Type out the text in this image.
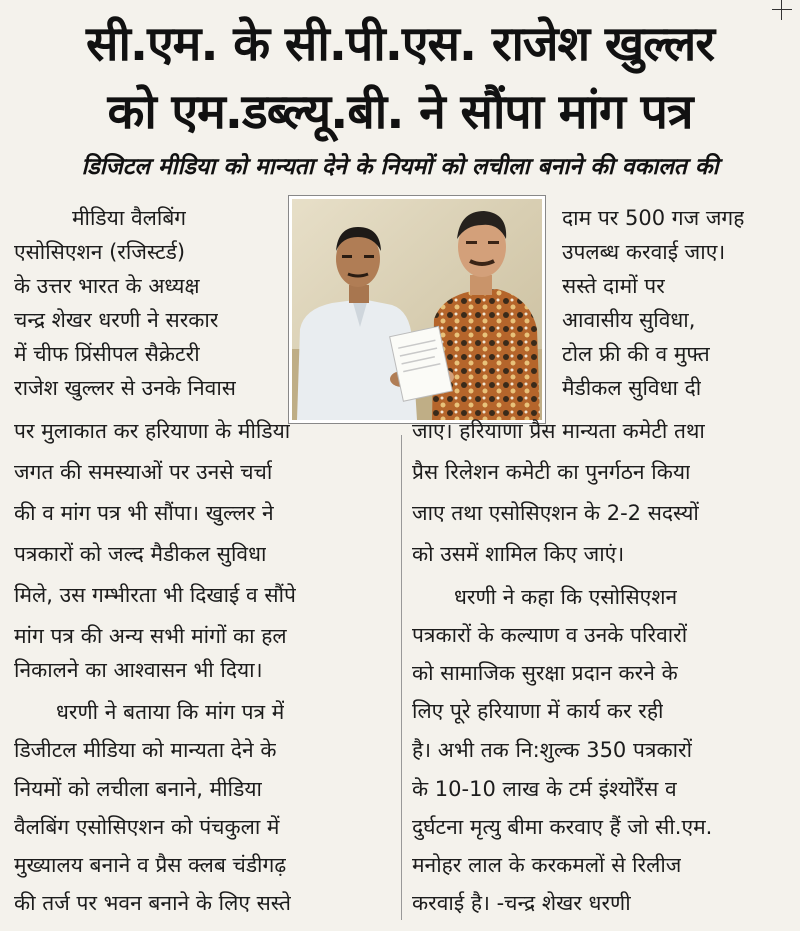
सी.एम. के सी.पी.एस. राजेश खुल्लर
को एम.डब्ल्यू.बी. ने सौंपा मांग पत्र
डिजिटल मीडिया को मान्यता देने के नियमों को लचीला बनाने की वकालत की
मीडिया वैलबिंग
एसोसिएशन (रजिस्टर्ड)
के उत्तर भारत के अध्यक्ष
चन्द्र शेखर धरणी ने सरकार
में चीफ प्रिंसीपल सैक्रेटरी
राजेश खुल्लर से उनके निवास
पर मुलाकात कर हरियाणा के मीडिया
जगत की समस्याओं पर उनसे चर्चा
की व मांग पत्र भी सौंपा। खुल्लर ने
पत्रकारों को जल्द मैडीकल सुविधा
मिले, उस गम्भीरता भी दिखाई व सौंपे
मांग पत्र की अन्य सभी मांगों का हल
निकालने का आश्वासन भी दिया।
धरणी ने बताया कि मांग पत्र में
डिजीटल मीडिया को मान्यता देने के
नियमों को लचीला बनाने, मीडिया
वैलबिंग एसोसिएशन को पंचकुला में
मुख्यालय बनाने व प्रैस क्लब चंडीगढ़
की तर्ज पर भवन बनाने के लिए सस्ते
दाम पर 500 गज जगह
उपलब्ध करवाई जाए।
सस्ते दामों पर
आवासीय सुविधा,
टोल फ्री की व मुफ्त
मैडीकल सुविधा दी
जाए। हरियाणा प्रैस मान्यता कमेटी तथा
प्रैस रिलेशन कमेटी का पुनर्गठन किया
जाए तथा एसोसिएशन के 2-2 सदस्यों
को उसमें शामिल किए जाएं।
धरणी ने कहा कि एसोसिएशन
पत्रकारों के कल्याण व उनके परिवारों
को सामाजिक सुरक्षा प्रदान करने के
लिए पूरे हरियाणा में कार्य कर रही
है। अभी तक नि:शुल्क 350 पत्रकारों
के 10-10 लाख के टर्म इंश्योरैंस व
दुर्घटना मृत्यु बीमा करवाए हैं जो सी.एम.
मनोहर लाल के करकमलों से रिलीज
करवाई है। -चन्द्र शेखर धरणी
